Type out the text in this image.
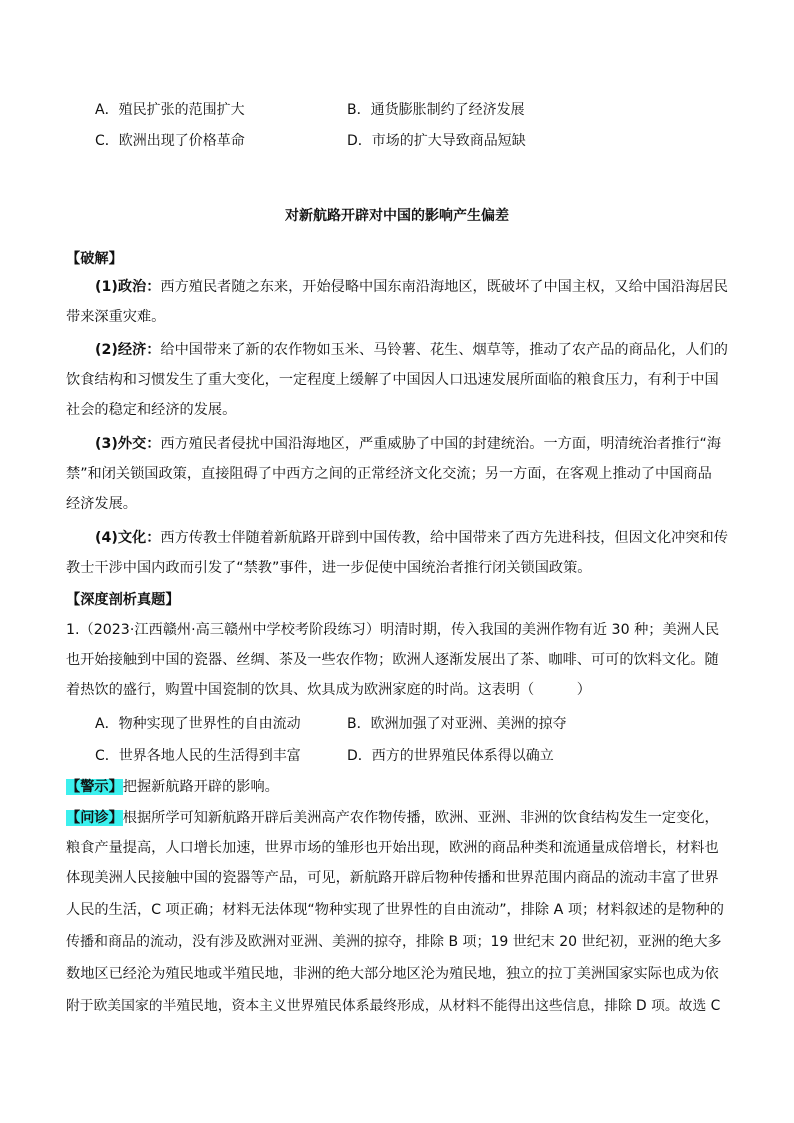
A．殖民扩张的范围扩大	B．通货膨胀制约了经济发展
C．欧洲出现了价格革命	D．市场的扩大导致商品短缺
对新航路开辟对中国的影响产生偏差
【破解】
(1)政治：西方殖民者随之东来，开始侵略中国东南沿海地区，既破坏了中国主权，又给中国沿海居民
带来深重灾难。
(2)经济：给中国带来了新的农作物如玉米、马铃薯、花生、烟草等，推动了农产品的商品化，人们的
饮食结构和习惯发生了重大变化，一定程度上缓解了中国因人口迅速发展所面临的粮食压力，有利于中国
社会的稳定和经济的发展。
(3)外交：西方殖民者侵扰中国沿海地区，严重威胁了中国的封建统治。一方面，明清统治者推行“海
禁”和闭关锁国政策，直接阻碍了中西方之间的正常经济文化交流；另一方面，在客观上推动了中国商品
经济发展。
(4)文化：西方传教士伴随着新航路开辟到中国传教，给中国带来了西方先进科技，但因文化冲突和传
教士干涉中国内政而引发了“禁教”事件，进一步促使中国统治者推行闭关锁国政策。
【深度剖析真题】
1.（2023·江西赣州·高三赣州中学校考阶段练习）明清时期，传入我国的美洲作物有近 30 种；美洲人民
也开始接触到中国的瓷器、丝绸、茶及一些农作物；欧洲人逐渐发展出了茶、咖啡、可可的饮料文化。随
着热饮的盛行，购置中国瓷制的饮具、炊具成为欧洲家庭的时尚。这表明（　　　）
A．物种实现了世界性的自由流动	B．欧洲加强了对亚洲、美洲的掠夺
C．世界各地人民的生活得到丰富	D．西方的世界殖民体系得以确立
【警示】把握新航路开辟的影响。
【问诊】根据所学可知新航路开辟后美洲高产农作物传播，欧洲、亚洲、非洲的饮食结构发生一定变化，
粮食产量提高，人口增长加速，世界市场的雏形也开始出现，欧洲的商品种类和流通量成倍增长，材料也
体现美洲人民接触中国的瓷器等产品，可见，新航路开辟后物种传播和世界范围内商品的流动丰富了世界
人民的生活，C 项正确；材料无法体现“物种实现了世界性的自由流动”，排除 A 项；材料叙述的是物种的
传播和商品的流动，没有涉及欧洲对亚洲、美洲的掠夺，排除 B 项；19 世纪末 20 世纪初，亚洲的绝大多
数地区已经沦为殖民地或半殖民地，非洲的绝大部分地区沦为殖民地，独立的拉丁美洲国家实际也成为依
附于欧美国家的半殖民地，资本主义世界殖民体系最终形成，从材料不能得出这些信息，排除 D 项。故选 C
